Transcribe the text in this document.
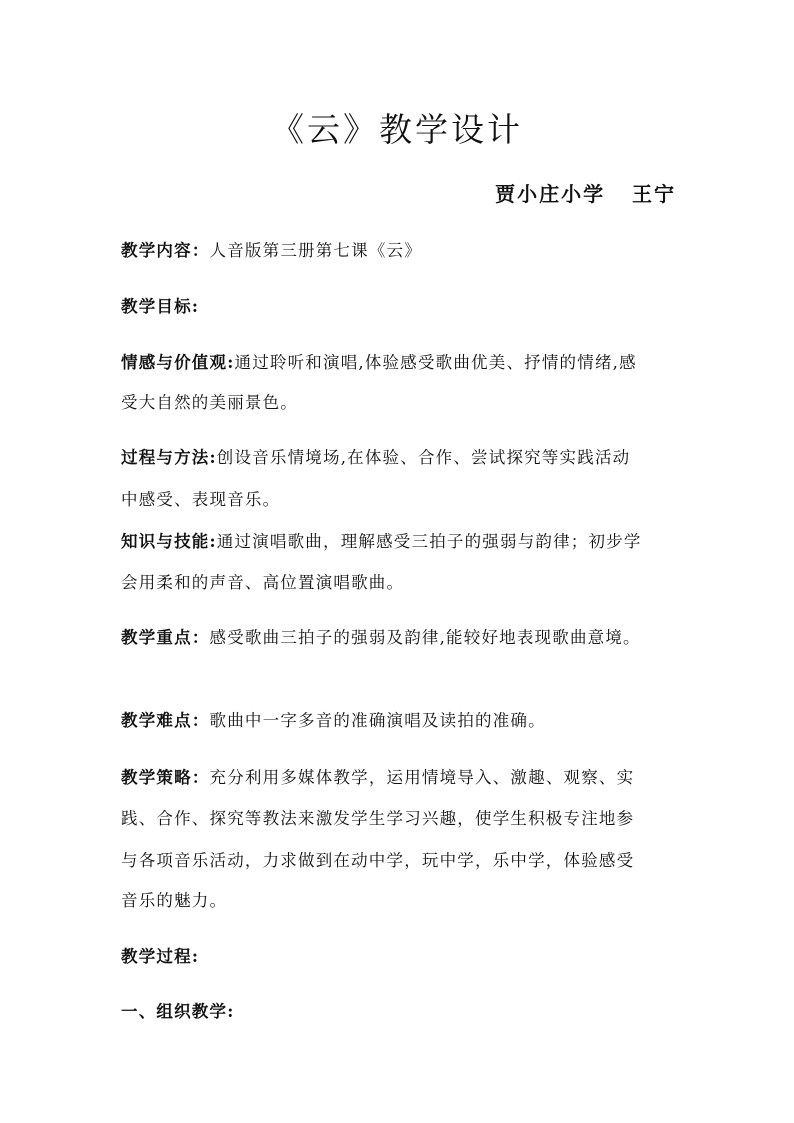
《云》教学设计
贾小庄小学   王宁
教学内容：人音版第三册第七课《云》
教学目标:
情感与价值观:通过聆听和演唱,体验感受歌曲优美、抒情的情绪,感
受大自然的美丽景色。
过程与方法:创设音乐情境场,在体验、合作、尝试探究等实践活动
中感受、表现音乐。
知识与技能:通过演唱歌曲，理解感受三拍子的强弱与韵律；初步学
会用柔和的声音、高位置演唱歌曲。
教学重点：感受歌曲三拍子的强弱及韵律,能较好地表现歌曲意境。
教学难点：歌曲中一字多音的准确演唱及读拍的准确。
教学策略：充分利用多媒体教学，运用情境导入、激趣、观察、实
践、合作、探究等教法来激发学生学习兴趣，使学生积极专注地参
与各项音乐活动，力求做到在动中学，玩中学，乐中学，体验感受
音乐的魅力。
教学过程:
一、组织教学:
